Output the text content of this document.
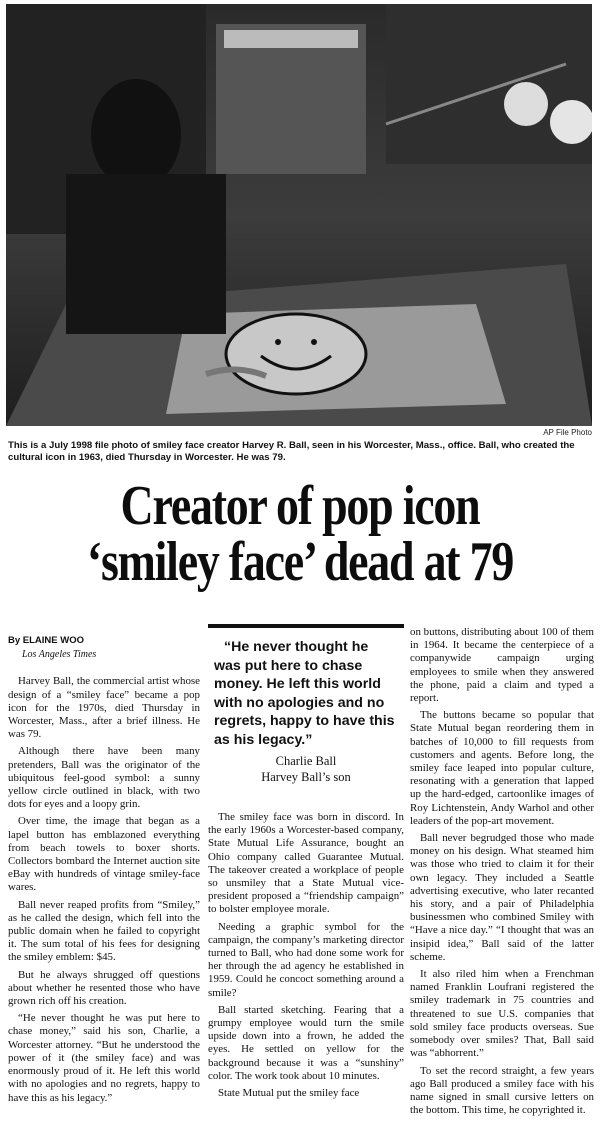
AP File Photo
This is a July 1998 file photo of smiley face creator Harvey R. Ball, seen in his Worcester, Mass., office. Ball, who created the cultural icon in 1963, died Thursday in Worcester. He was 79.
Creator of pop icon
‘smiley face’ dead at 79
By ELAINE WOO
Los Angeles Times

Harvey Ball, the commercial artist whose design of a “smiley face” became a pop icon for the 1970s, died Thursday in Worcester, Mass., after a brief illness. He was 79.

Although there have been many pretenders, Ball was the originator of the ubiquitous feel-good symbol: a sunny yellow circle outlined in black, with two dots for eyes and a loopy grin.

Over time, the image that began as a lapel button has emblazoned everything from beach towels to boxer shorts. Collectors bombard the Internet auction site eBay with hundreds of vintage smiley-face wares.

Ball never reaped profits from “Smiley,” as he called the design, which fell into the public domain when he failed to copyright it. The sum total of his fees for designing the smiley emblem: $45.

But he always shrugged off questions about whether he resented those who have grown rich off his creation.

“He never thought he was put here to chase money,” said his son, Charlie, a Worcester attorney. “But he understood the power of it (the smiley face) and was enormously proud of it. He left this world with no apologies and no regrets, happy to have this as his legacy.”

“He never thought he was put here to chase money. He left this world with no apologies and no regrets, happy to have this as his legacy.”

Charlie Ball
Harvey Ball’s son

The smiley face was born in discord. In the early 1960s a Worcester-based company, State Mutual Life Assurance, bought an Ohio company called Guarantee Mutual. The takeover created a workplace of people so unsmiley that a State Mutual vice-president proposed a “friendship campaign” to bolster employee morale.

Needing a graphic symbol for the campaign, the company’s marketing director turned to Ball, who had done some work for her through the ad agency he established in 1959. Could he concoct something around a smile?

Ball started sketching. Fearing that a grumpy employee would turn the smile upside down into a frown, he added the eyes. He settled on yellow for the background because it was a “sunshiny” color. The work took about 10 minutes.

State Mutual put the smiley face

on buttons, distributing about 100 of them in 1964. It became the centerpiece of a companywide campaign urging employees to smile when they answered the phone, paid a claim and typed a report.

The buttons became so popular that State Mutual began reordering them in batches of 10,000 to fill requests from customers and agents. Before long, the smiley face leaped into popular culture, resonating with a generation that lapped up the hard-edged, cartoonlike images of Roy Lichtenstein, Andy Warhol and other leaders of the pop-art movement.

Ball never begrudged those who made money on his design. What steamed him was those who tried to claim it for their own legacy. They included a Seattle advertising executive, who later recanted his story, and a pair of Philadelphia businessmen who combined Smiley with “Have a nice day.” “I thought that was an insipid idea,” Ball said of the latter scheme.

It also riled him when a Frenchman named Franklin Loufrani registered the smiley trademark in 75 countries and threatened to sue U.S. companies that sold smiley face products overseas. Sue somebody over smiles? That, Ball said was “abhorrent.”

To set the record straight, a few years ago Ball produced a smiley face with his name signed in small cursive letters on the bottom. This time, he copyrighted it.
